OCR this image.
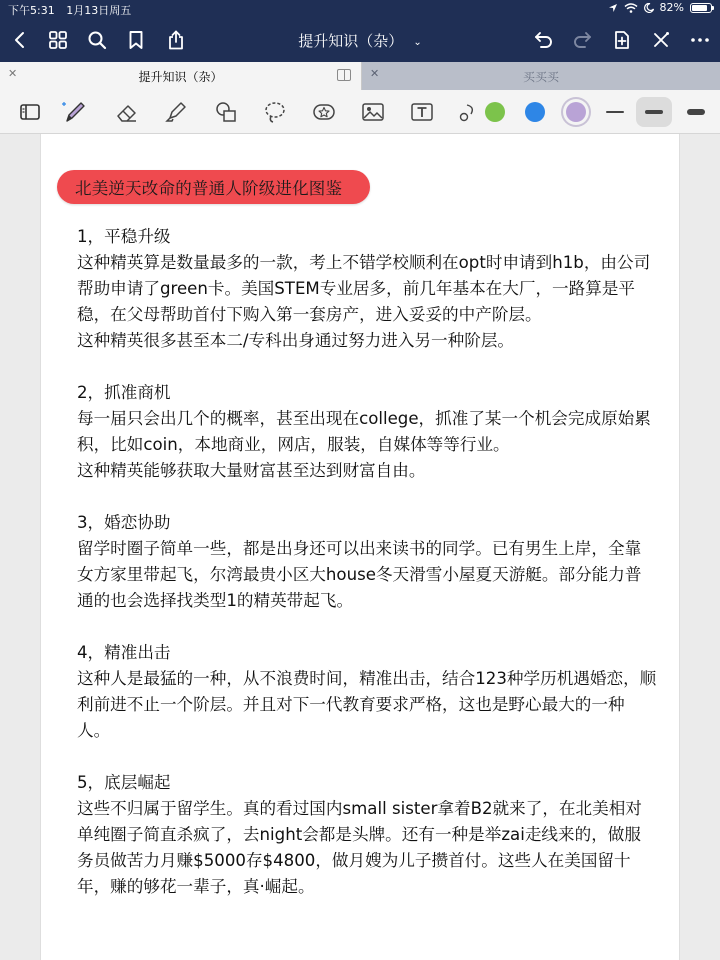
下午5:31 1月13日周五	82%
提升知识（杂） ⌄
✕	提升知识（杂）	✕	买买买
北美逆天改命的普通人阶级进化图鉴

1，平稳升级

这种精英算是数量最多的一款，考上不错学校顺利在opt时申请到h1b，由公司帮助申请了green卡。美国STEM专业居多，前几年基本在大厂，一路算是平稳，在父母帮助首付下购入第一套房产，进入妥妥的中产阶层。

这种精英很多甚至本二/专科出身通过努力进入另一种阶层。

2，抓准商机

每一届只会出几个的概率，甚至出现在college，抓准了某一个机会完成原始累积，比如coin，本地商业，网店，服装，自媒体等等行业。

这种精英能够获取大量财富甚至达到财富自由。

3，婚恋协助

留学时圈子简单一些，都是出身还可以出来读书的同学。已有男生上岸，全靠女方家里带起飞，尔湾最贵小区大house冬天滑雪小屋夏天游艇。部分能力普通的也会选择找类型1的精英带起飞。

4，精准出击

这种人是最猛的一种，从不浪费时间，精准出击，结合123种学历机遇婚恋，顺利前进不止一个阶层。并且对下一代教育要求严格，这也是野心最大的一种人。

5，底层崛起

这些不归属于留学生。真的看过国内small sister拿着B2就来了，在北美相对单纯圈子简直杀疯了，去night会都是头牌。还有一种是举zai走线来的，做服务员做苦力月赚$5000存$4800，做月嫂为儿子攒首付。这些人在美国留十年，赚的够花一辈子，真·崛起。
